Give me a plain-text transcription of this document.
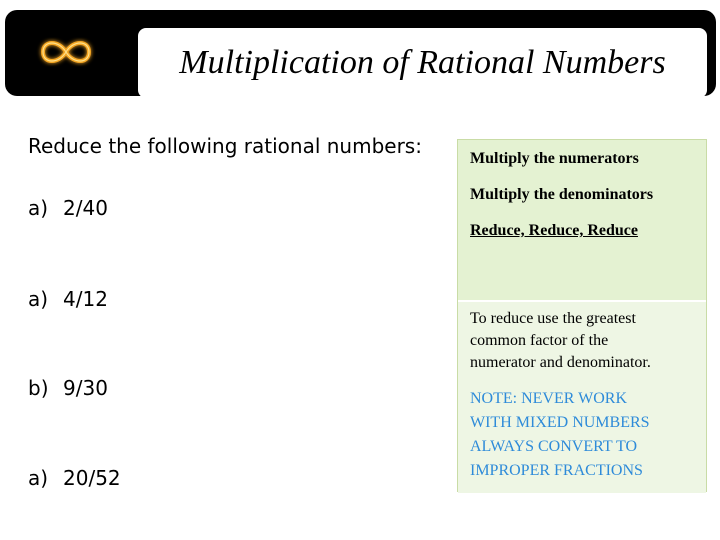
Multiplication of Rational Numbers
Reduce the following rational numbers:
a) 2/40
a) 4/12
b) 9/30
a) 20/52
Multiply the numerators
Multiply the denominators
Reduce, Reduce, Reduce
To reduce use the greatest
common factor of the
numerator and denominator.
NOTE: NEVER WORK
WITH MIXED NUMBERS
ALWAYS CONVERT TO
IMPROPER FRACTIONS
